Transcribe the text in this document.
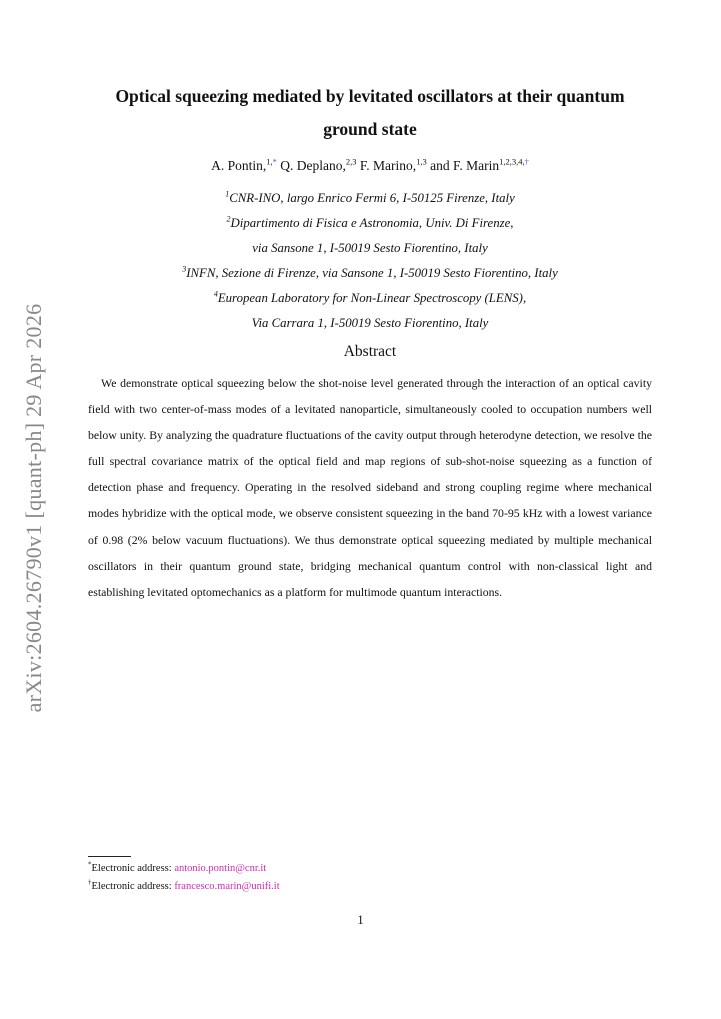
arXiv:2604.26790v1 [quant-ph] 29 Apr 2026
Optical squeezing mediated by levitated oscillators at their quantum ground state
A. Pontin,$^{1,*}$ Q. Deplano,$^{2,3}$ F. Marino,$^{1,3}$ and F. Marin$^{1,2,3,4,\dagger}$
$^1$CNR-INO, largo Enrico Fermi 6, I-50125 Firenze, Italy
$^2$Dipartimento di Fisica e Astronomia, Univ. Di Firenze,
via Sansone 1, I-50019 Sesto Fiorentino, Italy
$^3$INFN, Sezione di Firenze, via Sansone 1, I-50019 Sesto Fiorentino, Italy
$^4$European Laboratory for Non-Linear Spectroscopy (LENS),
Via Carrara 1, I-50019 Sesto Fiorentino, Italy
Abstract
We demonstrate optical squeezing below the shot-noise level generated through the interaction of an optical cavity field with two center-of-mass modes of a levitated nanoparticle, simultaneously cooled to occupation numbers well below unity. By analyzing the quadrature fluctuations of the cavity output through heterodyne detection, we resolve the full spectral covariance matrix of the optical field and map regions of sub-shot-noise squeezing as a function of detection phase and frequency. Operating in the resolved sideband and strong coupling regime where mechanical modes hybridize with the optical mode, we observe consistent squeezing in the band 70-95 kHz with a lowest variance of 0.98 (2% below vacuum fluctuations). We thus demonstrate optical squeezing mediated by multiple mechanical oscillators in their quantum ground state, bridging mechanical quantum control with non-classical light and establishing levitated optomechanics as a platform for multimode quantum interactions.
*Electronic address: antonio.pontin@cnr.it
†Electronic address: francesco.marin@unifi.it
1
